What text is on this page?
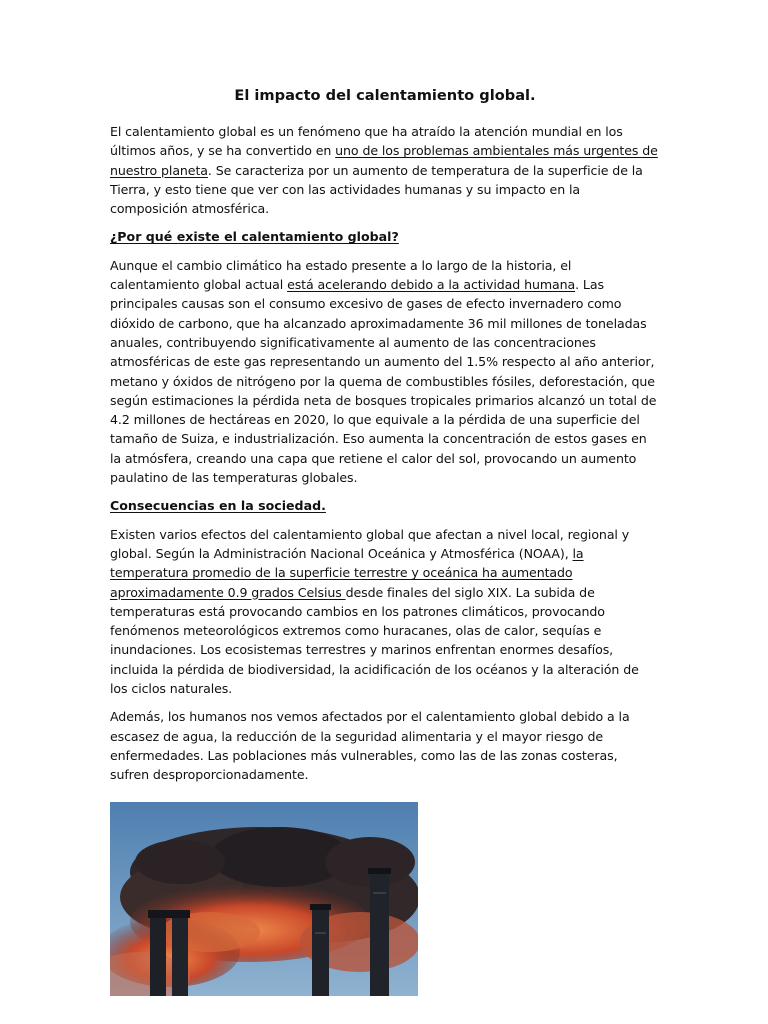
El impacto del calentamiento global.

El calentamiento global es un fenómeno que ha atraído la atención mundial en los últimos años, y se ha convertido en uno de los problemas ambientales más urgentes de nuestro planeta. Se caracteriza por un aumento de temperatura de la superficie de la Tierra, y esto tiene que ver con las actividades humanas y su impacto en la composición atmosférica.

¿Por qué existe el calentamiento global?

Aunque el cambio climático ha estado presente a lo largo de la historia, el calentamiento global actual está acelerando debido a la actividad humana. Las principales causas son el consumo excesivo de gases de efecto invernadero como dióxido de carbono, que ha alcanzado aproximadamente 36 mil millones de toneladas anuales, contribuyendo significativamente al aumento de las concentraciones atmosféricas de este gas representando un aumento del 1.5% respecto al año anterior, metano y óxidos de nitrógeno por la quema de combustibles fósiles, deforestación, que según estimaciones la pérdida neta de bosques tropicales primarios alcanzó un total de 4.2 millones de hectáreas en 2020, lo que equivale a la pérdida de una superficie del tamaño de Suiza, e industrialización. Eso aumenta la concentración de estos gases en la atmósfera, creando una capa que retiene el calor del sol, provocando un aumento paulatino de las temperaturas globales.

Consecuencias en la sociedad.

Existen varios efectos del calentamiento global que afectan a nivel local, regional y global. Según la Administración Nacional Oceánica y Atmosférica (NOAA), la temperatura promedio de la superficie terrestre y oceánica ha aumentado aproximadamente 0.9 grados Celsius desde finales del siglo XIX. La subida de temperaturas está provocando cambios en los patrones climáticos, provocando fenómenos meteorológicos extremos como huracanes, olas de calor, sequías e inundaciones. Los ecosistemas terrestres y marinos enfrentan enormes desafíos, incluida la pérdida de biodiversidad, la acidificación de los océanos y la alteración de los ciclos naturales.

Además, los humanos nos vemos afectados por el calentamiento global debido a la escasez de agua, la reducción de la seguridad alimentaria y el mayor riesgo de enfermedades. Las poblaciones más vulnerables, como las de las zonas costeras, sufren desproporcionadamente.
